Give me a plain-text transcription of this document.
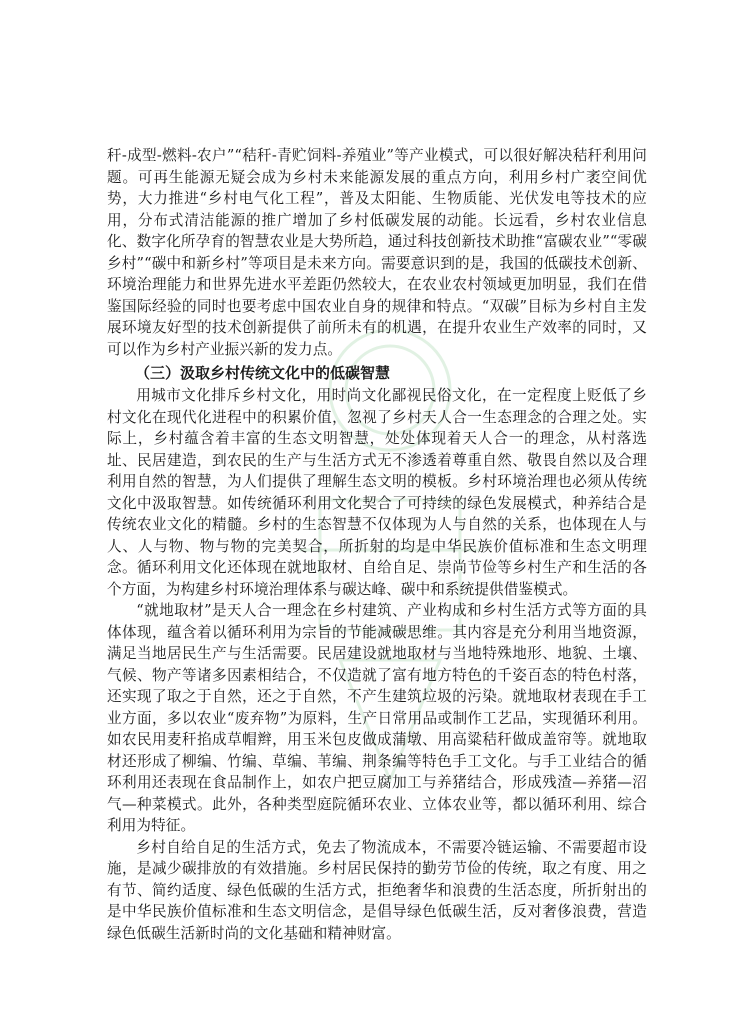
秆-成型-燃料-农户”“秸秆-青贮饲料-养殖业”等产业模式，可以很好解决秸秆利用问题。可再生能源无疑会成为乡村未来能源发展的重点方向，利用乡村广袤空间优势，大力推进“乡村电气化工程”，普及太阳能、生物质能、光伏发电等技术的应用，分布式清洁能源的推广增加了乡村低碳发展的动能。长远看，乡村农业信息化、数字化所孕育的智慧农业是大势所趋，通过科技创新技术助推“富碳农业”“零碳乡村”“碳中和新乡村”等项目是未来方向。需要意识到的是，我国的低碳技术创新、环境治理能力和世界先进水平差距仍然较大，在农业农村领域更加明显，我们在借鉴国际经验的同时也要考虑中国农业自身的规律和特点。“双碳”目标为乡村自主发展环境友好型的技术创新提供了前所未有的机遇，在提升农业生产效率的同时，又可以作为乡村产业振兴新的发力点。

（三）汲取乡村传统文化中的低碳智慧

用城市文化排斥乡村文化，用时尚文化鄙视民俗文化，在一定程度上贬低了乡村文化在现代化进程中的积累价值，忽视了乡村天人合一生态理念的合理之处。实际上，乡村蕴含着丰富的生态文明智慧，处处体现着天人合一的理念，从村落选址、民居建造，到农民的生产与生活方式无不渗透着尊重自然、敬畏自然以及合理利用自然的智慧，为人们提供了理解生态文明的模板。乡村环境治理也必须从传统文化中汲取智慧。如传统循环利用文化契合了可持续的绿色发展模式，种养结合是传统农业文化的精髓。乡村的生态智慧不仅体现为人与自然的关系，也体现在人与人、人与物、物与物的完美契合，所折射的均是中华民族价值标准和生态文明理念。循环利用文化还体现在就地取材、自给自足、崇尚节俭等乡村生产和生活的各个方面，为构建乡村环境治理体系与碳达峰、碳中和系统提供借鉴模式。

“就地取材”是天人合一理念在乡村建筑、产业构成和乡村生活方式等方面的具体体现，蕴含着以循环利用为宗旨的节能减碳思维。其内容是充分利用当地资源，满足当地居民生产与生活需要。民居建设就地取材与当地特殊地形、地貌、土壤、气候、物产等诸多因素相结合，不仅造就了富有地方特色的千姿百态的特色村落，还实现了取之于自然，还之于自然，不产生建筑垃圾的污染。就地取材表现在手工业方面，多以农业“废弃物”为原料，生产日常用品或制作工艺品，实现循环利用。如农民用麦秆掐成草帽辫，用玉米包皮做成蒲墩、用高粱秸秆做成盖帘等。就地取材还形成了柳编、竹编、草编、苇编、荆条编等特色手工文化。与手工业结合的循环利用还表现在食品制作上，如农户把豆腐加工与养猪结合，形成残渣—养猪—沼气—种菜模式。此外，各种类型庭院循环农业、立体农业等，都以循环利用、综合利用为特征。

乡村自给自足的生活方式，免去了物流成本，不需要冷链运输、不需要超市设施，是减少碳排放的有效措施。乡村居民保持的勤劳节俭的传统，取之有度、用之有节、简约适度、绿色低碳的生活方式，拒绝奢华和浪费的生活态度，所折射出的是中华民族价值标准和生态文明信念，是倡导绿色低碳生活，反对奢侈浪费，营造绿色低碳生活新时尚的文化基础和精神财富。
